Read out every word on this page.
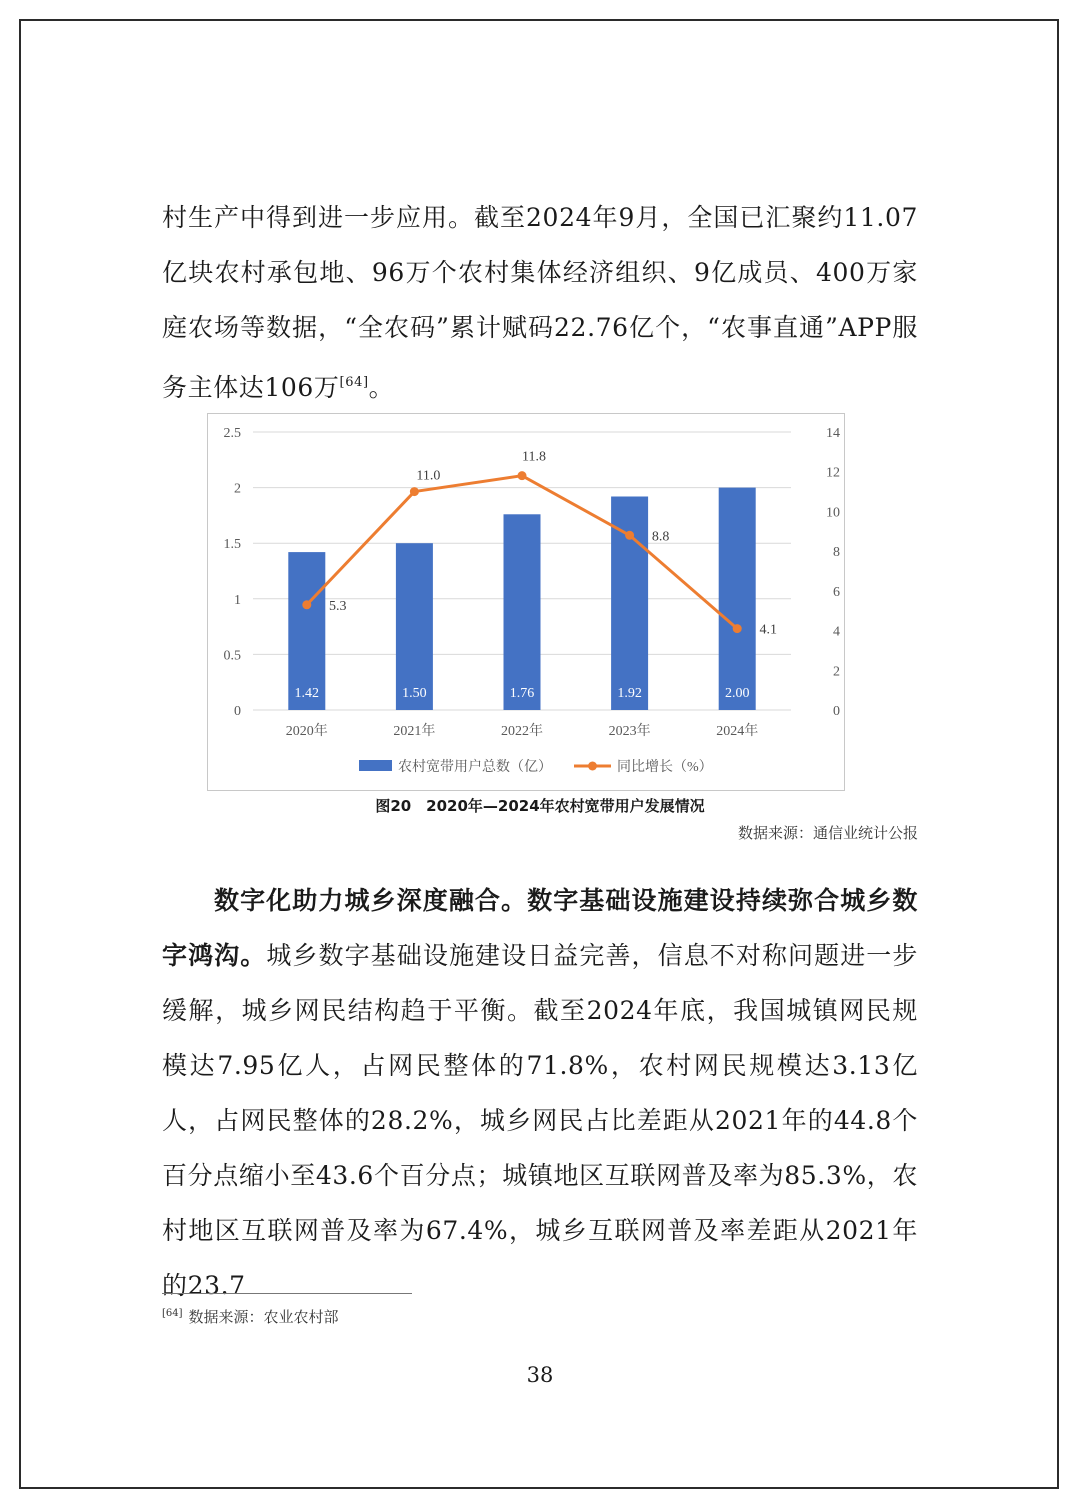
村生产中得到进一步应用。截至2024年9月，全国已汇聚约11.07亿块农村承包地、96万个农村集体经济组织、9亿成员、400万家庭农场等数据，“全农码”累计赋码22.76亿个，“农事直通”APP服务主体达106万[64]。

0
0.5
1
1.5
2
2.5
0
2
4
6
8
10
12
14
1.42	1.50	1.76	1.92	2.00
2020年	2021年	2022年	2023年	2024年
5.3
11.0
11.8
8.8
4.1
农村宽带用户总数（亿）	同比增长（%）
图20　2020年—2024年农村宽带用户发展情况
数据来源：通信业统计公报

数字化助力城乡深度融合。数字基础设施建设持续弥合城乡数字鸿沟。城乡数字基础设施建设日益完善，信息不对称问题进一步缓解，城乡网民结构趋于平衡。截至2024年底，我国城镇网民规模达7.95亿人，占网民整体的71.8%，农村网民规模达3.13亿人，占网民整体的28.2%，城乡网民占比差距从2021年的44.8个百分点缩小至43.6个百分点；城镇地区互联网普及率为85.3%，农村地区互联网普及率为67.4%，城乡互联网普及率差距从2021年的23.7

[64] 数据来源：农业农村部
38
